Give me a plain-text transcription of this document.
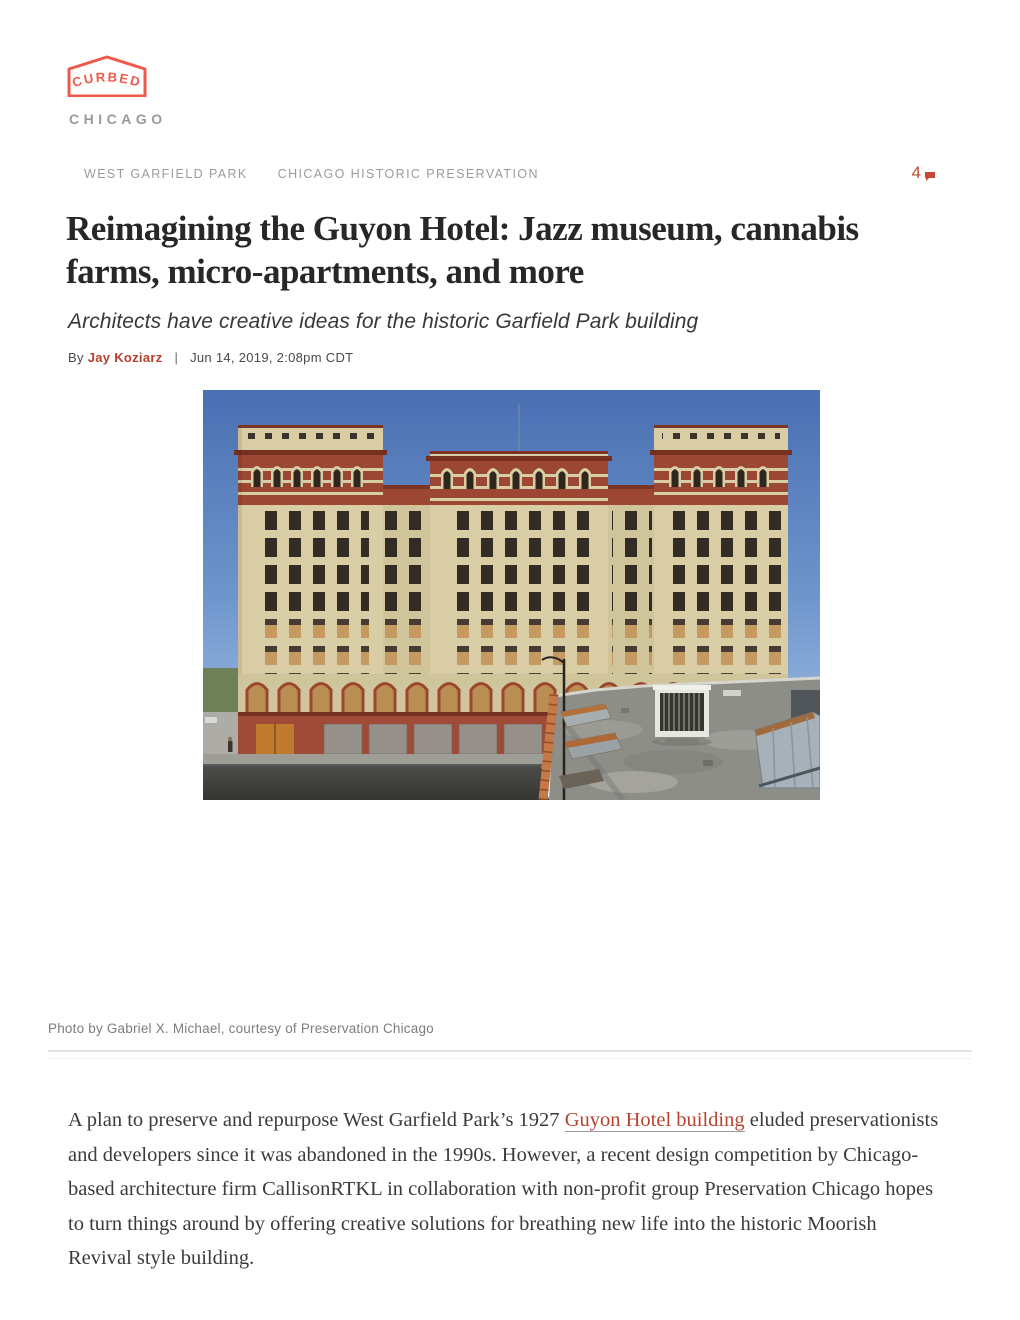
CURBED
CHICAGO
WEST GARFIELD PARK CHICAGO HISTORIC PRESERVATION	4
Reimagining the Guyon Hotel: Jazz museum, cannabis farms, micro-apartments, and more
Architects have creative ideas for the historic Garfield Park building
By Jay Koziarz | Jun 14, 2019, 2:08pm CDT
Photo by Gabriel X. Michael, courtesy of Preservation Chicago

A plan to preserve and repurpose West Garfield Park’s 1927 Guyon Hotel building eluded preservationists and developers since it was abandoned in the 1990s. However, a recent design competition by Chicago-based architecture firm CallisonRTKL in collaboration with non-profit group Preservation Chicago hopes to turn things around by offering creative solutions for breathing new life into the historic Moorish Revival style building.
